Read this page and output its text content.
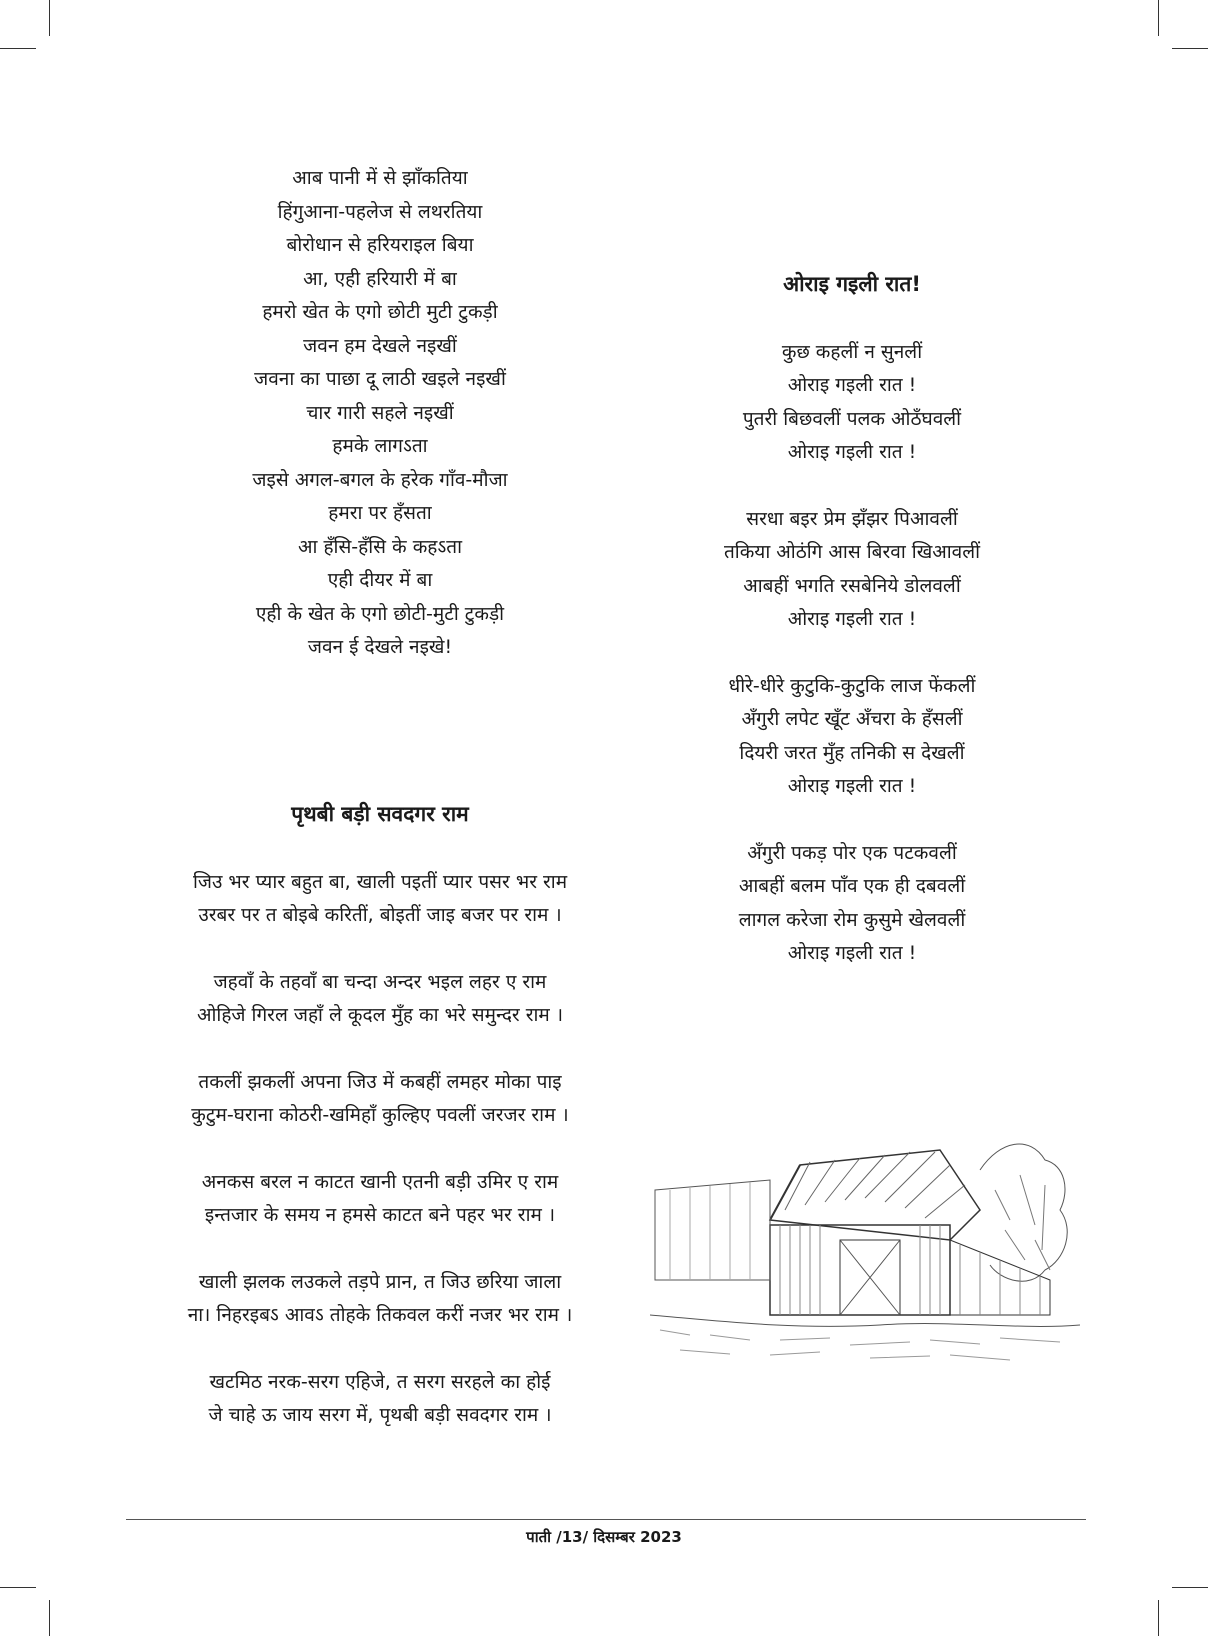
आब पानी में से झाँकतिया
हिंगुआना-पहलेज से लथरतिया
बोरोधान से हरियराइल बिया
आ, एही हरियारी में बा
हमरो खेत के एगो छोटी मुटी टुकड़ी
जवन हम देखले नइखीं
जवना का पाछा दू लाठी खइले नइखीं
चार गारी सहले नइखीं
हमके लागऽता
जइसे अगल-बगल के हरेक गाँव-मौजा
हमरा पर हँसता
आ हँसि-हँसि के कहऽता
एही दीयर में बा
एही के खेत के एगो छोटी-मुटी टुकड़ी
जवन ई देखले नइखे!
पृथबी बड़ी सवदगर राम
जिउ भर प्यार बहुत बा, खाली पइतीं प्यार पसर भर राम
उरबर पर त बोइबे करितीं, बोइतीं जाइ बजर पर राम ।
जहवाँ के तहवाँ बा चन्दा अन्दर भइल लहर ए राम
ओहिजे गिरल जहाँ ले कूदल मुँह का भरे समुन्दर राम ।
तकलीं झकलीं अपना जिउ में कबहीं लमहर मोका पाइ
कुटुम-घराना कोठरी-खमिहाँ कुल्हिए पवलीं जरजर राम ।
अनकस बरल न काटत खानी एतनी बड़ी उमिर ए राम
इन्तजार के समय न हमसे काटत बने पहर भर राम ।
खाली झलक लउकले तड़पे प्रान, त जिउ छरिया जाला
ना। निहरइबऽ आवऽ तोहके तिकवल करीं नजर भर राम ।
खटमिठ नरक-सरग एहिजे, त सरग सरहले का होई
जे चाहे ऊ जाय सरग में, पृथबी बड़ी सवदगर राम ।
ओराइ गइली रात!
कुछ कहलीं न सुनलीं
ओराइ गइली रात !
पुतरी बिछवलीं पलक ओठँघवलीं
ओराइ गइली रात !
सरधा बइर प्रेम झँझर पिआवलीं
तकिया ओठंगि आस बिरवा खिआवलीं
आबहीं भगति रसबेनिये डोलवलीं
ओराइ गइली रात !
धीरे-धीरे कुटुकि-कुटुकि लाज फेंकलीं
अँगुरी लपेट खूँट अँचरा के हँसलीं
दियरी जरत मुँह तनिकी स देखलीं
ओराइ गइली रात !
अँगुरी पकड़ पोर एक पटकवलीं
आबहीं बलम पाँव एक ही दबवलीं
लागल करेजा रोम कुसुमे खेलवलीं
ओराइ गइली रात !
पाती /13/ दिसम्बर 2023
